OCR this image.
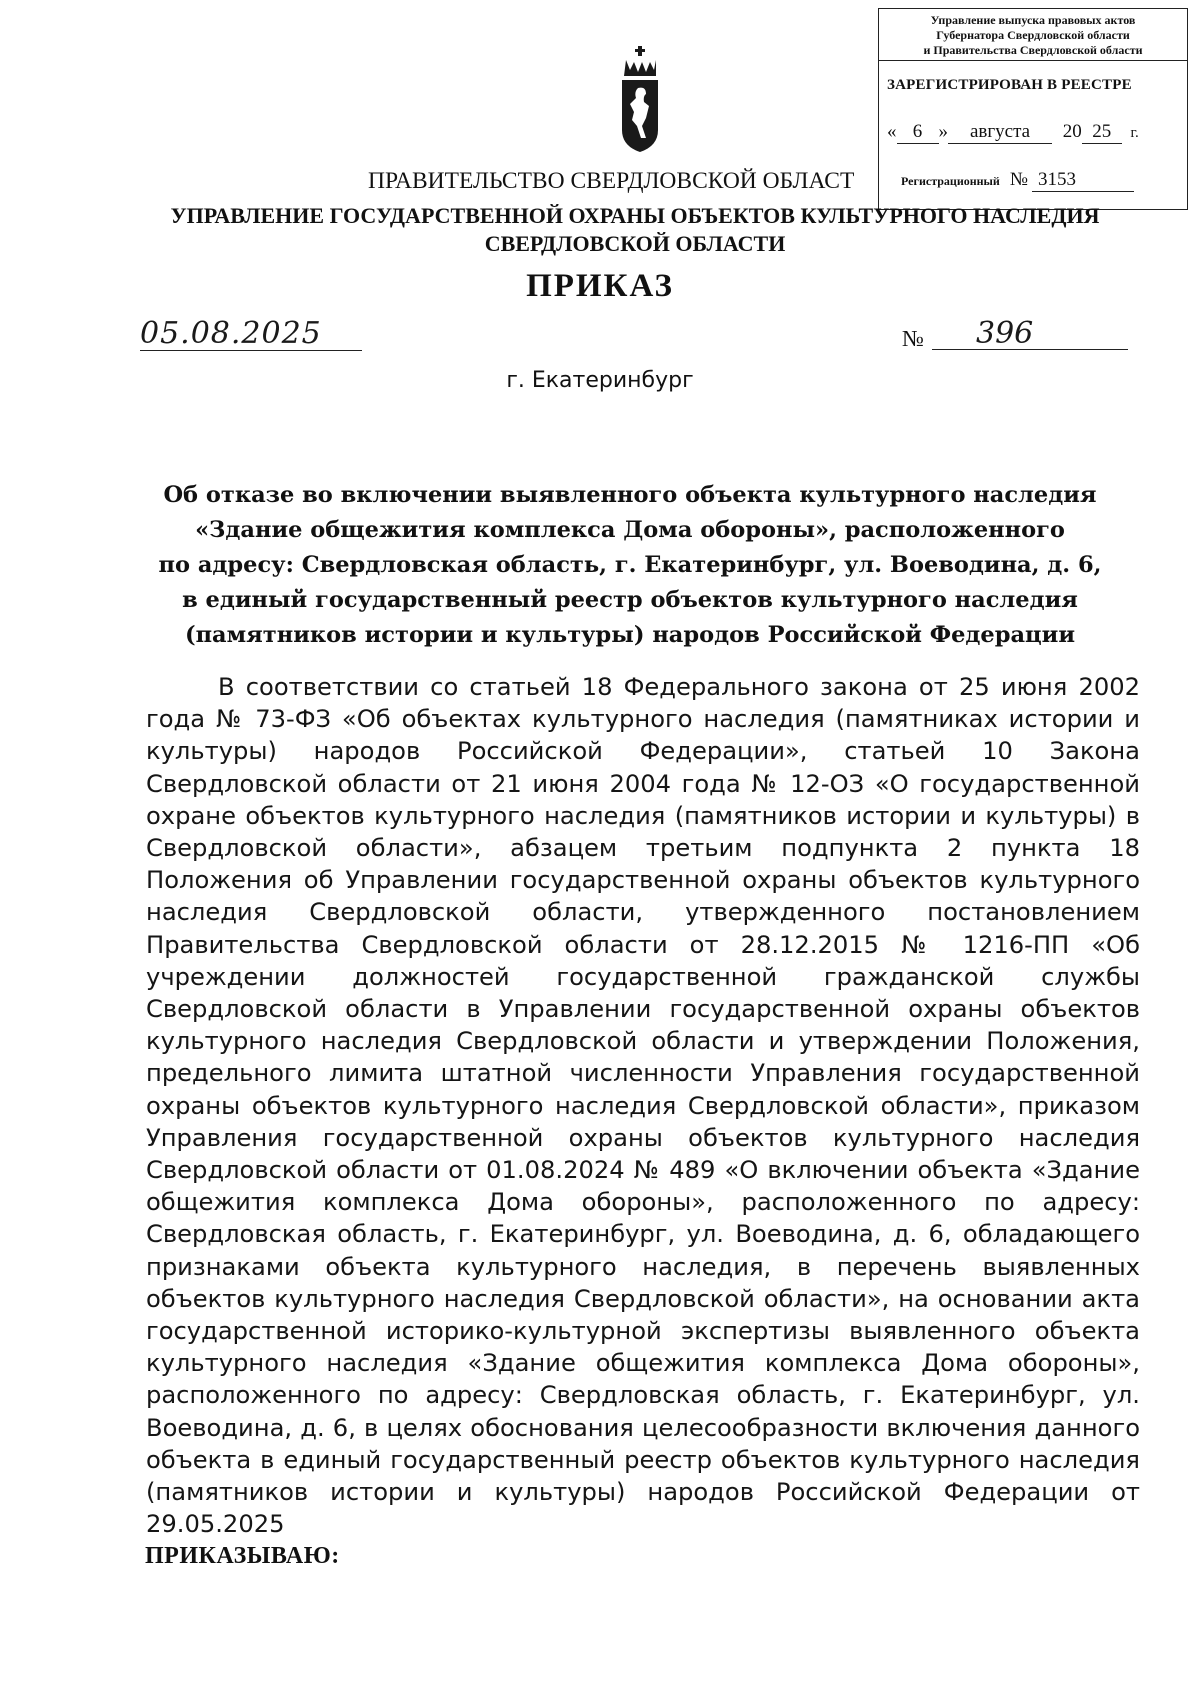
Управление выпуска правовых актов
Губернатора Свердловской области
и Правительства Свердловской области
ЗАРЕГИСТРИРОВАН В РЕЕСТРЕ
« 6 » августа 20 25 г.
Регистрационный № 3153
ПРАВИТЕЛЬСТВО СВЕРДЛОВСКОЙ ОБЛАСТ
УПРАВЛЕНИЕ ГОСУДАРСТВЕННОЙ ОХРАНЫ ОБЪЕКТОВ КУЛЬТУРНОГО НАСЛЕДИЯ
СВЕРДЛОВСКОЙ ОБЛАСТИ
ПРИКАЗ
05.08.2025	№	396
г. Екатеринбург
Об отказе во включении выявленного объекта культурного наследия
«Здание общежития комплекса Дома обороны», расположенного
по адресу: Свердловская область, г. Екатеринбург, ул. Воеводина, д. 6,
в единый государственный реестр объектов культурного наследия
(памятников истории и культуры) народов Российской Федерации
В соответствии со статьей 18 Федерального закона от 25 июня 2002 года № 73-ФЗ «Об объектах культурного наследия (памятниках истории и культуры) народов Российской Федерации», статьей 10 Закона Свердловской области от 21 июня 2004 года № 12-ОЗ «О государственной охране объектов культурного наследия (памятников истории и культуры) в Свердловской области», абзацем третьим подпункта 2 пункта 18 Положения об Управлении государственной охраны объектов культурного наследия Свердловской области, утвержденного постановлением Правительства Свердловской области от 28.12.2015 № 1216-ПП «Об учреждении должностей государственной гражданской службы Свердловской области в Управлении государственной охраны объектов культурного наследия Свердловской области и утверждении Положения, предельного лимита штатной численности Управления государственной охраны объектов культурного наследия Свердловской области», приказом Управления государственной охраны объектов культурного наследия Свердловской области от 01.08.2024 № 489 «О включении объекта «Здание общежития комплекса Дома обороны», расположенного по адресу: Свердловская область, г. Екатеринбург, ул. Воеводина, д. 6, обладающего признаками объекта культурного наследия, в перечень выявленных объектов культурного наследия Свердловской области», на основании акта государственной историко-культурной экспертизы выявленного объекта культурного наследия «Здание общежития комплекса Дома обороны», расположенного по адресу: Свердловская область, г. Екатеринбург, ул. Воеводина, д. 6, в целях обоснования целесообразности включения данного объекта в единый государственный реестр объектов культурного наследия (памятников истории и культуры) народов Российской Федерации от 29.05.2025
ПРИКАЗЫВАЮ:
